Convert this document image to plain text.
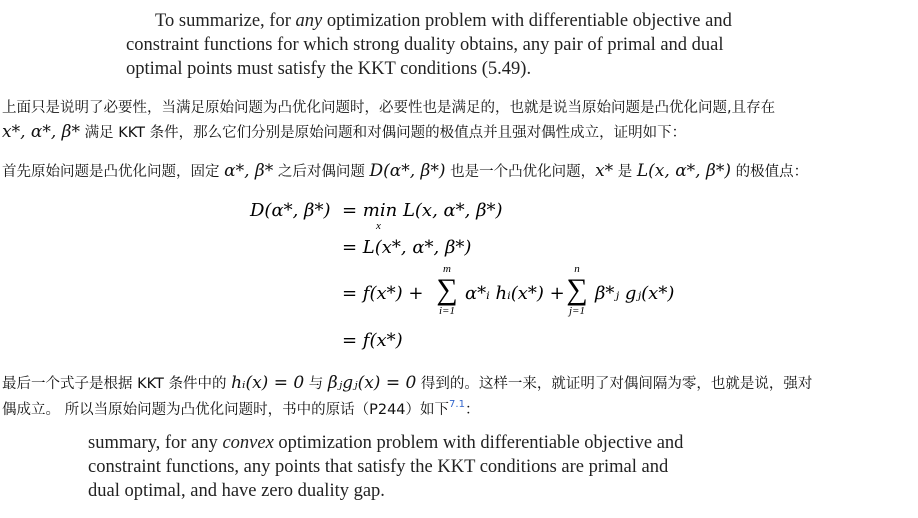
To summarize, for any optimization problem with differentiable objective and
constraint functions for which strong duality obtains, any pair of primal and dual
optimal points must satisfy the KKT conditions (5.49).
上面只是说明了必要性，当满足原始问题为凸优化问题时，必要性也是满足的，也就是说当原始问题是凸优化问题,且存在
x*, α*, β* 满足 KKT 条件，那么它们分别是原始问题和对偶问题的极值点并且强对偶性成立，证明如下：
首先原始问题是凸优化问题，固定 α*, β* 之后对偶问题 D(α*, β*) 也是一个凸优化问题，x* 是 L(x, α*, β*) 的极值点：
D(α*, β*) = min L(x, α*, β*)
x
= L(x*, α*, β*)
= f(x*) +
m
∑
i=1
α*ᵢ hᵢ(x*) +
n
∑
j=1
β*ⱼ gⱼ(x*)
= f(x*)
最后一个式子是根据 KKT 条件中的 hᵢ(x) = 0 与 βⱼgⱼ(x) = 0 得到的。这样一来，就证明了对偶间隔为零，也就是说，强对
偶成立。 所以当原始问题为凸优化问题时，书中的原话（P244）如下$^{7.1}$：
summary, for any convex optimization problem with differentiable objective and
constraint functions, any points that satisfy the KKT conditions are primal and
dual optimal, and have zero duality gap.
